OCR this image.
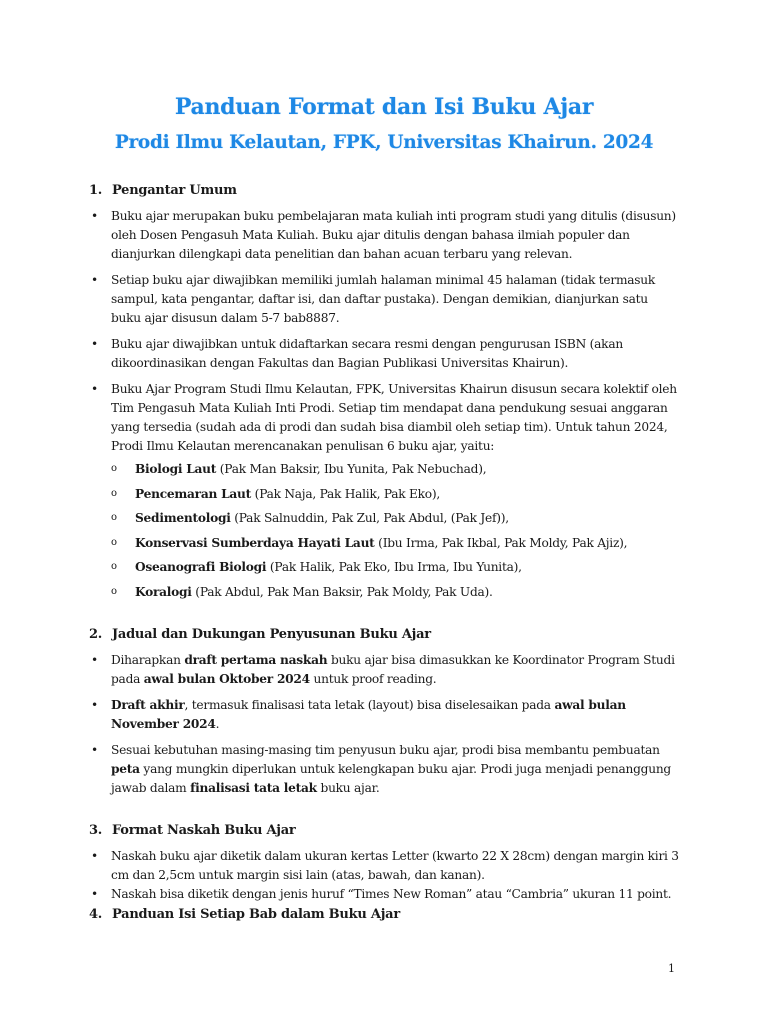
Panduan Format dan Isi Buku Ajar
Prodi Ilmu Kelautan, FPK, Universitas Khairun. 2024
1. Pengantar Umum
• Buku ajar merupakan buku pembelajaran mata kuliah inti program studi yang ditulis (disusun) oleh Dosen Pengasuh Mata Kuliah. Buku ajar ditulis dengan bahasa ilmiah populer dan dianjurkan dilengkapi data penelitian dan bahan acuan terbaru yang relevan.
• Setiap buku ajar diwajibkan memiliki jumlah halaman minimal 45 halaman (tidak termasuk sampul, kata pengantar, daftar isi, dan daftar pustaka). Dengan demikian, dianjurkan satu buku ajar disusun dalam 5-7 bab8887.
• Buku ajar diwajibkan untuk didaftarkan secara resmi dengan pengurusan ISBN (akan dikoordinasikan dengan Fakultas dan Bagian Publikasi Universitas Khairun).
• Buku Ajar Program Studi Ilmu Kelautan, FPK, Universitas Khairun disusun secara kolektif oleh Tim Pengasuh Mata Kuliah Inti Prodi. Setiap tim mendapat dana pendukung sesuai anggaran yang tersedia (sudah ada di prodi dan sudah bisa diambil oleh setiap tim). Untuk tahun 2024, Prodi Ilmu Kelautan merencanakan penulisan 6 buku ajar, yaitu:
o Biologi Laut (Pak Man Baksir, Ibu Yunita, Pak Nebuchad),
o Pencemaran Laut (Pak Naja, Pak Halik, Pak Eko),
o Sedimentologi (Pak Salnuddin, Pak Zul, Pak Abdul, (Pak Jef)),
o Konservasi Sumberdaya Hayati Laut (Ibu Irma, Pak Ikbal, Pak Moldy, Pak Ajiz),
o Oseanografi Biologi (Pak Halik, Pak Eko, Ibu Irma, Ibu Yunita),
o Koralogi (Pak Abdul, Pak Man Baksir, Pak Moldy, Pak Uda).
2. Jadual dan Dukungan Penyusunan Buku Ajar
• Diharapkan draft pertama naskah buku ajar bisa dimasukkan ke Koordinator Program Studi pada awal bulan Oktober 2024 untuk proof reading.
• Draft akhir, termasuk finalisasi tata letak (layout) bisa diselesaikan pada awal bulan November 2024.
• Sesuai kebutuhan masing-masing tim penyusun buku ajar, prodi bisa membantu pembuatan peta yang mungkin diperlukan untuk kelengkapan buku ajar. Prodi juga menjadi penanggung jawab dalam finalisasi tata letak buku ajar.
3. Format Naskah Buku Ajar
• Naskah buku ajar diketik dalam ukuran kertas Letter (kwarto 22 X 28cm) dengan margin kiri 3 cm dan 2,5cm untuk margin sisi lain (atas, bawah, dan kanan).
• Naskah bisa diketik dengan jenis huruf “Times New Roman” atau “Cambria” ukuran 11 point.
4. Panduan Isi Setiap Bab dalam Buku Ajar
1
